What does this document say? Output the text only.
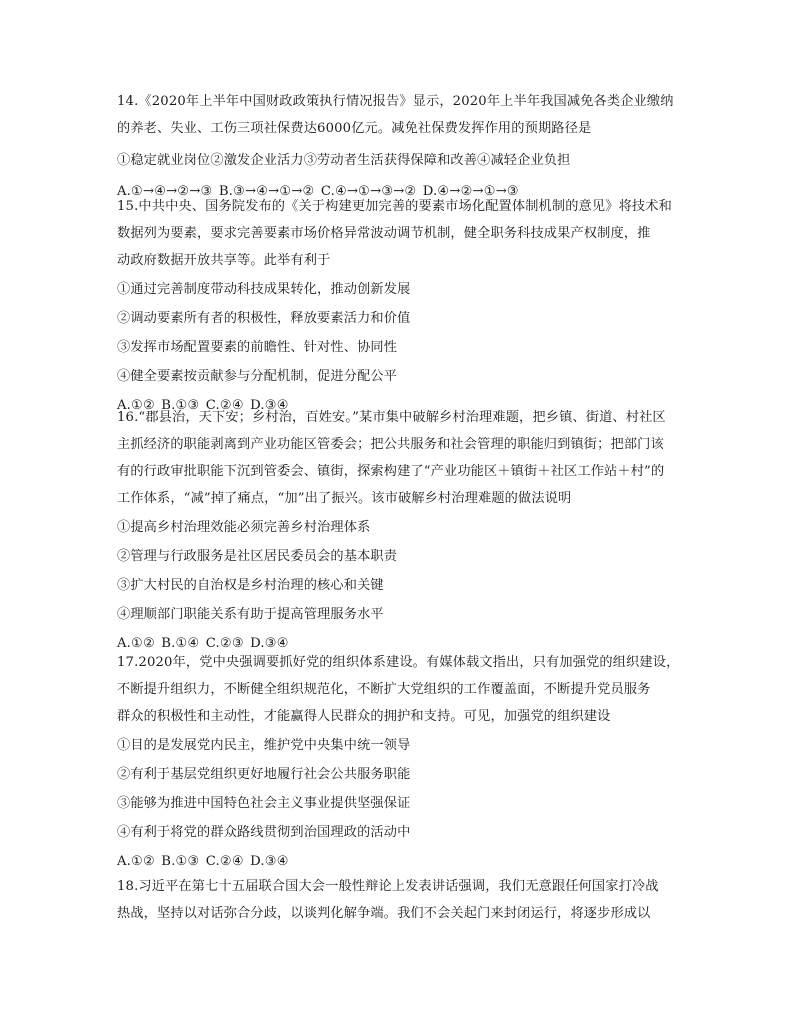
14.《2020年上半年中国财政政策执行情况报告》显示，2020年上半年我国减免各类企业缴纳
的养老、失业、工伤三项社保费达6000亿元。减免社保费发挥作用的预期路径是
①稳定就业岗位②激发企业活力③劳动者生活获得保障和改善④减轻企业负担
A.①→④→②→③ B.③→④→①→② C.④→①→③→② D.④→②→①→③
15.中共中央、国务院发布的《关于构建更加完善的要素市场化配置体制机制的意见》将技术和
数据列为要素，要求完善要素市场价格异常波动调节机制，健全职务科技成果产权制度，推
动政府数据开放共享等。此举有利于
①通过完善制度带动科技成果转化，推动创新发展
②调动要素所有者的积极性，释放要素活力和价值
③发挥市场配置要素的前瞻性、针对性、协同性
④健全要素按贡献参与分配机制，促进分配公平
A.①② B.①③ C.②④ D.③④
16.“郡县治，天下安；乡村治，百姓安。”某市集中破解乡村治理难题，把乡镇、街道、村社区
主抓经济的职能剥离到产业功能区管委会；把公共服务和社会管理的职能归到镇街；把部门该
有的行政审批职能下沉到管委会、镇街，探索构建了“产业功能区＋镇街＋社区工作站＋村”的
工作体系，“减”掉了痛点，“加”出了振兴。该市破解乡村治理难题的做法说明
①提高乡村治理效能必须完善乡村治理体系
②管理与行政服务是社区居民委员会的基本职责
③扩大村民的自治权是乡村治理的核心和关键
④理顺部门职能关系有助于提高管理服务水平
A.①② B.①④ C.②③ D.③④
17.2020年，党中央强调要抓好党的组织体系建设。有媒体载文指出，只有加强党的组织建设，
不断提升组织力，不断健全组织规范化，不断扩大党组织的工作覆盖面，不断提升党员服务
群众的积极性和主动性，才能赢得人民群众的拥护和支持。可见，加强党的组织建设
①目的是发展党内民主，维护党中央集中统一领导
②有利于基层党组织更好地履行社会公共服务职能
③能够为推进中国特色社会主义事业提供坚强保证
④有利于将党的群众路线贯彻到治国理政的活动中
A.①② B.①③ C.②④ D.③④
18.习近平在第七十五届联合国大会一般性辩论上发表讲话强调，我们无意跟任何国家打冷战
热战，坚持以对话弥合分歧，以谈判化解争端。我们不会关起门来封闭运行，将逐步形成以
